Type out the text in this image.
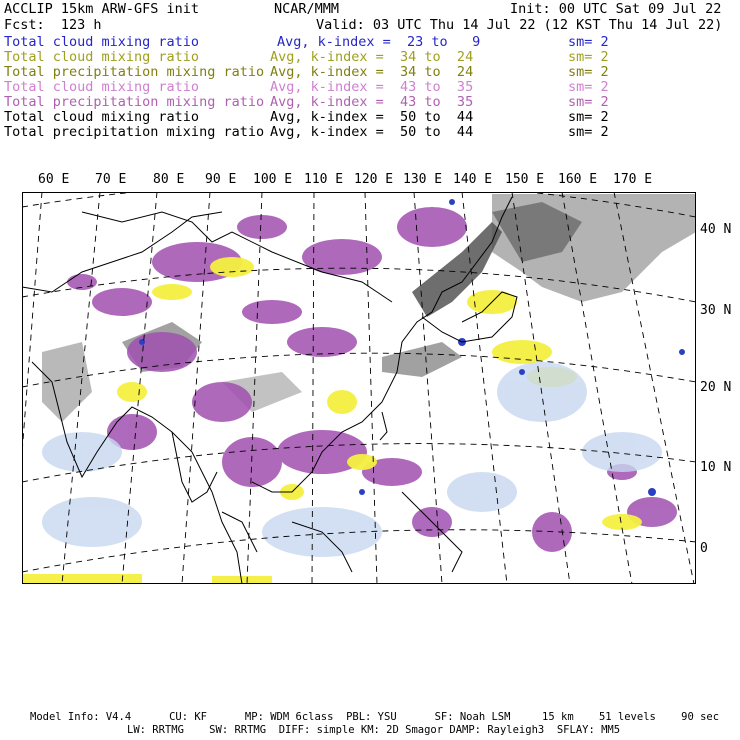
ACCLIP 15km ARW-GFS init	NCAR/MMM	Init: 00 UTC Sat 09 Jul 22
Fcst:  123 h	Valid: 03 UTC Thu 14 Jul 22 (12 KST Thu 14 Jul 22)
Total cloud mixing ratio	Avg, k-index =  23 to   9	sm= 2
Total cloud mixing ratio	Avg, k-index =  34 to  24	sm= 2
Total precipitation mixing ratio Avg, k-index =  34 to  24	sm= 2
Total cloud mixing ratio	Avg, k-index =  43 to  35	sm= 2
Total precipitation mixing ratio Avg, k-index =  43 to  35	sm= 2
Total cloud mixing ratio	Avg, k-index =  50 to  44	sm= 2
Total precipitation mixing ratio Avg, k-index =  50 to  44	sm= 2
60 E 70 E 80 E 90 E 100 E 110 E 120 E 130 E 140 E 150 E 160 E 170 E
40 N
30 N
20 N
10 N
0
Model Info: V4.4      CU: KF      MP: WDM 6class  PBL: YSU      SF: Noah LSM     15 km    51 levels    90 sec
LW: RRTMG    SW: RRTMG  DIFF: simple KM: 2D Smagor DAMP: Rayleigh3  SFLAY: MM5
